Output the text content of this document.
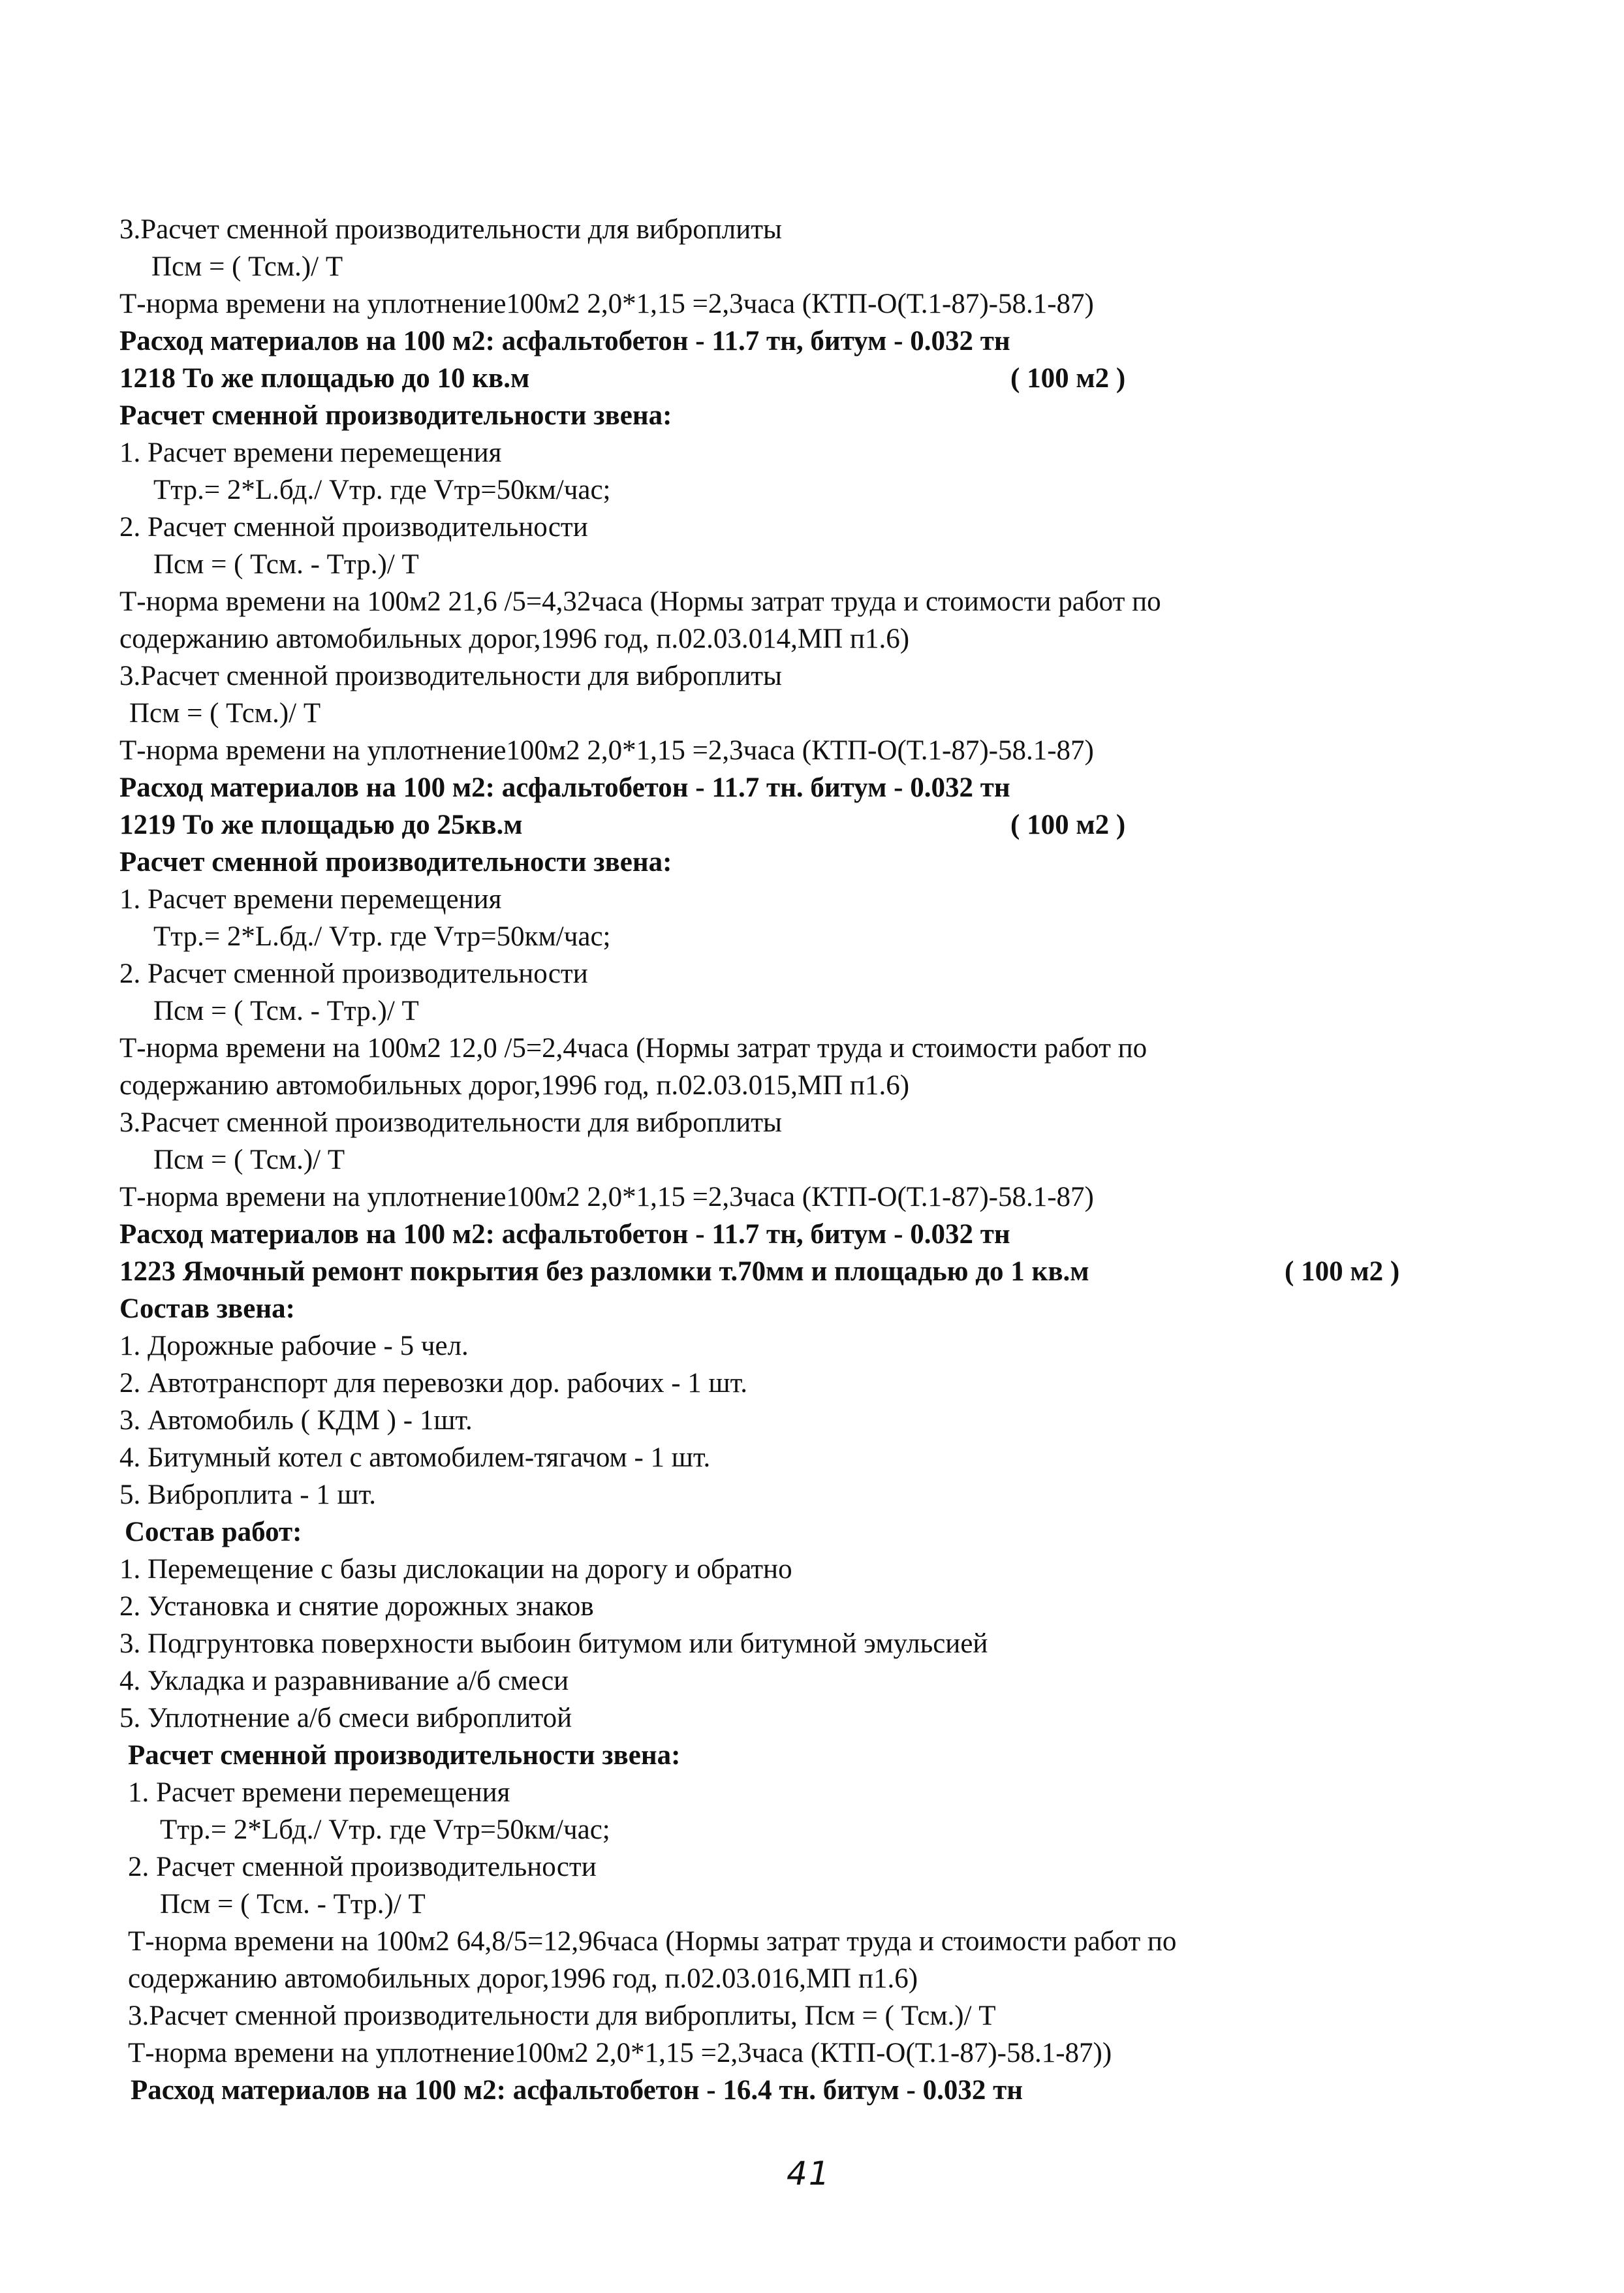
3.Расчет сменной производительности для виброплиты
Псм = ( Тсм.)/ Т
Т-норма времени на уплотнение100м2 2,0*1,15 =2,3часа (КТП-О(Т.1-87)-58.1-87)
Расход материалов на 100 м2: асфальтобетон - 11.7 тн, битум - 0.032 тн
1218 То же площадью до 10 кв.м	( 100 м2 )
Расчет сменной производительности звена:
1. Расчет времени перемещения
Ттр.= 2*L.бд./ Vтр. где Vтр=50км/час;
2. Расчет сменной производительности
Псм = ( Тсм. - Ттр.)/ Т
Т-норма времени на 100м2 21,6 /5=4,32часа (Нормы затрат труда и стоимости работ по
содержанию автомобильных дорог,1996 год, п.02.03.014,МП п1.6)
3.Расчет сменной производительности для виброплиты
Псм = ( Тсм.)/ Т
Т-норма времени на уплотнение100м2 2,0*1,15 =2,3часа (КТП-О(Т.1-87)-58.1-87)
Расход материалов на 100 м2: асфальтобетон - 11.7 тн. битум - 0.032 тн
1219 То же площадью до 25кв.м	( 100 м2 )
Расчет сменной производительности звена:
1. Расчет времени перемещения
Ттр.= 2*L.бд./ Vтр. где Vтр=50км/час;
2. Расчет сменной производительности
Псм = ( Тсм. - Ттр.)/ Т
Т-норма времени на 100м2 12,0 /5=2,4часа (Нормы затрат труда и стоимости работ по
содержанию автомобильных дорог,1996 год, п.02.03.015,МП п1.6)
3.Расчет сменной производительности для виброплиты
Псм = ( Тсм.)/ Т
Т-норма времени на уплотнение100м2 2,0*1,15 =2,3часа (КТП-О(Т.1-87)-58.1-87)
Расход материалов на 100 м2: асфальтобетон - 11.7 тн, битум - 0.032 тн
1223 Ямочный ремонт покрытия без разломки т.70мм и площадью до 1 кв.м	( 100 м2 )
Состав звена:
1. Дорожные рабочие - 5 чел.
2. Автотранспорт для перевозки дор. рабочих - 1 шт.
3. Автомобиль ( КДМ ) - 1шт.
4. Битумный котел с автомобилем-тягачом - 1 шт.
5. Виброплита - 1 шт.
Состав работ:
1. Перемещение с базы дислокации на дорогу и обратно
2. Установка и снятие дорожных знаков
3. Подгрунтовка поверхности выбоин битумом или битумной эмульсией
4. Укладка и разравнивание а/б смеси
5. Уплотнение а/б смеси виброплитой
Расчет сменной производительности звена:
1. Расчет времени перемещения
Ттр.= 2*Lбд./ Vтр. где Vтр=50км/час;
2. Расчет сменной производительности
Псм = ( Тсм. - Ттр.)/ Т
Т-норма времени на 100м2 64,8/5=12,96часа (Нормы затрат труда и стоимости работ по
содержанию автомобильных дорог,1996 год, п.02.03.016,МП п1.6)
3.Расчет сменной производительности для виброплиты, Псм = ( Тсм.)/ Т
Т-норма времени на уплотнение100м2 2,0*1,15 =2,3часа (КТП-О(Т.1-87)-58.1-87))
Расход материалов на 100 м2: асфальтобетон - 16.4 тн. битум - 0.032 тн
41
